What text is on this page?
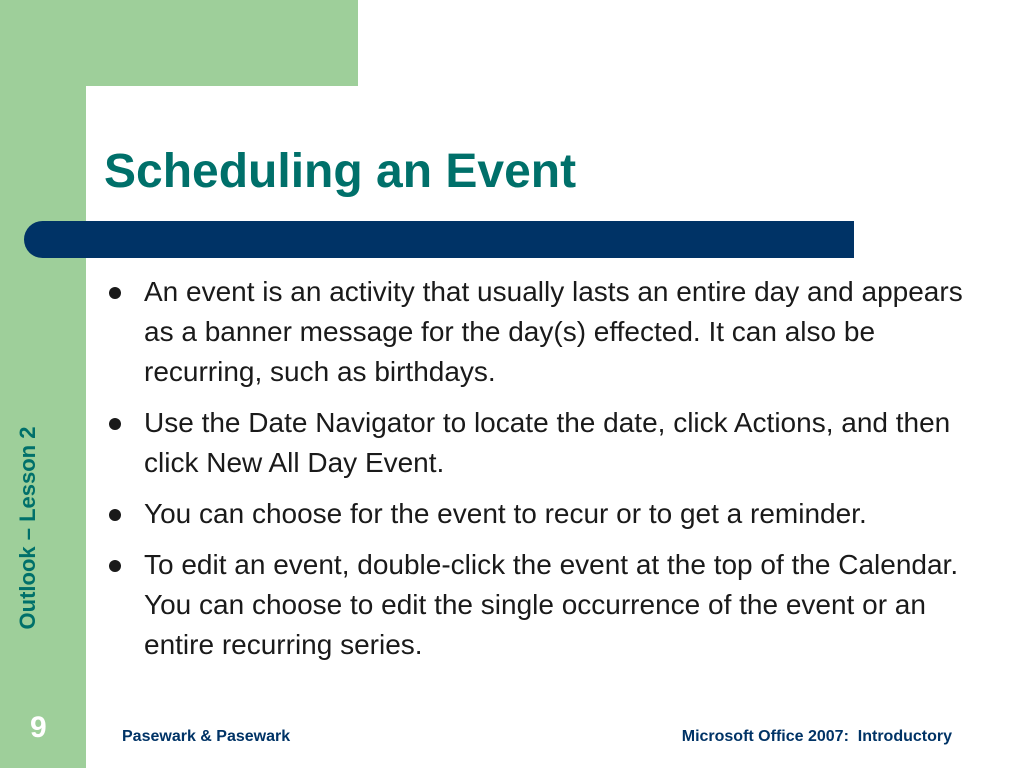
Scheduling an Event
Outlook – Lesson 2
An event is an activity that usually lasts an entire day and appears as a banner message for the day(s) effected. It can also be recurring, such as birthdays.
Use the Date Navigator to locate the date, click Actions, and then click New All Day Event.
You can choose for the event to recur or to get a reminder.
To edit an event, double-click the event at the top of the Calendar. You can choose to edit the single occurrence of the event or an entire recurring series.
9	Pasewark & Pasewark	Microsoft Office 2007:  Introductory
